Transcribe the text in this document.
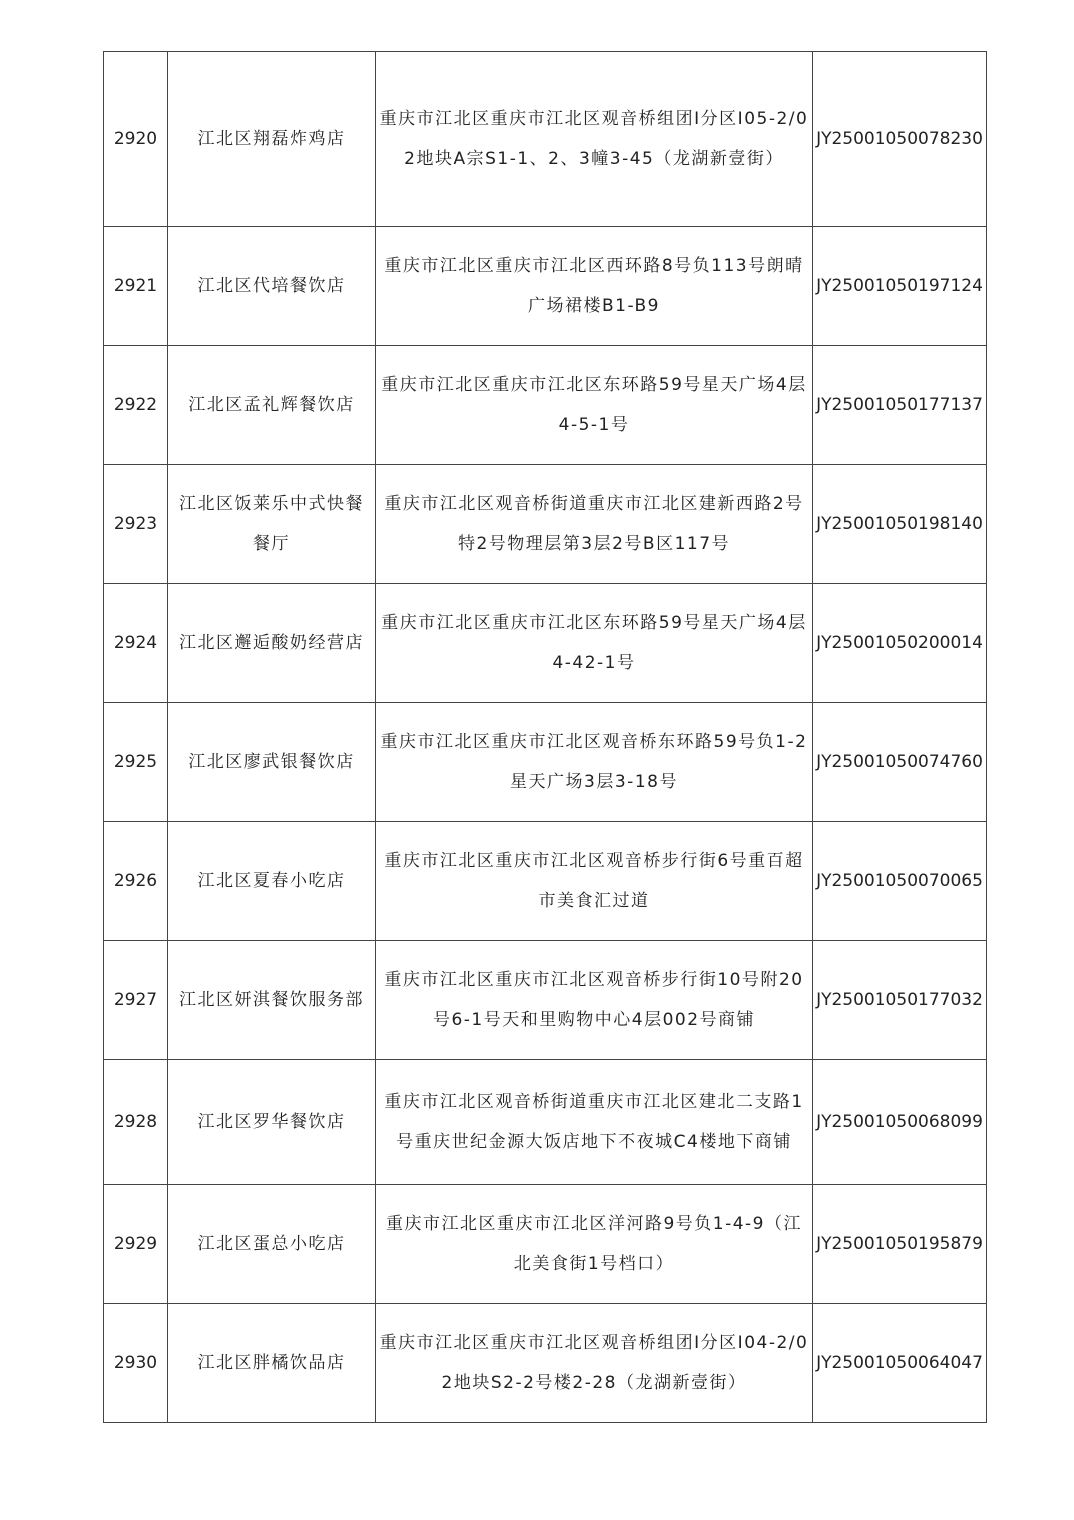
2920	江北区翔磊炸鸡店	重庆市江北区重庆市江北区观音桥组团Ⅰ分区I05-2/02地块A宗S1-1、2、3幢3-45（龙湖新壹街）	JY25001050078230
2921	江北区代培餐饮店	重庆市江北区重庆市江北区西环路8号负113号朗晴广场裙楼B1-B9	JY25001050197124
2922	江北区孟礼辉餐饮店	重庆市江北区重庆市江北区东环路59号星天广场4层4-5-1号	JY25001050177137
2923	江北区饭莱乐中式快餐餐厅	重庆市江北区观音桥街道重庆市江北区建新西路2号特2号物理层第3层2号B区117号	JY25001050198140
2924	江北区邂逅酸奶经营店	重庆市江北区重庆市江北区东环路59号星天广场4层4-42-1号	JY25001050200014
2925	江北区廖武银餐饮店	重庆市江北区重庆市江北区观音桥东环路59号负1-2星天广场3层3-18号	JY25001050074760
2926	江北区夏春小吃店	重庆市江北区重庆市江北区观音桥步行街6号重百超市美食汇过道	JY25001050070065
2927	江北区妍淇餐饮服务部	重庆市江北区重庆市江北区观音桥步行街10号附20号6-1号天和里购物中心4层002号商铺	JY25001050177032
2928	江北区罗华餐饮店	重庆市江北区观音桥街道重庆市江北区建北二支路1号重庆世纪金源大饭店地下不夜城C4楼地下商铺	JY25001050068099
2929	江北区蛋总小吃店	重庆市江北区重庆市江北区洋河路9号负1-4-9（江北美食街1号档口）	JY25001050195879
2930	江北区胖橘饮品店	重庆市江北区重庆市江北区观音桥组团Ⅰ分区I04-2/02地块S2-2号楼2-28（龙湖新壹街）	JY25001050064047
